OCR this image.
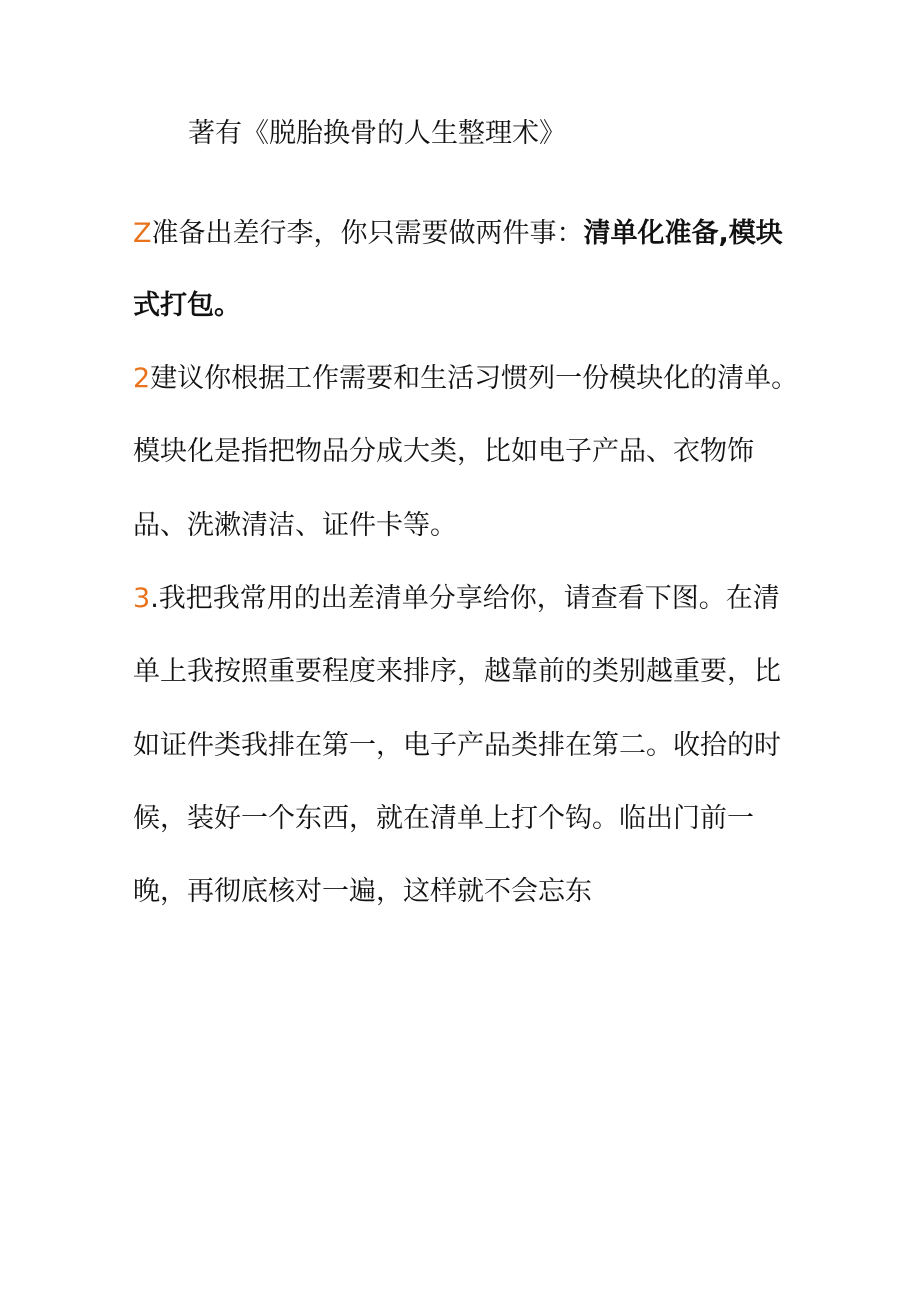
著有《脱胎换骨的人生整理术》
Z准备出差行李，你只需要做两件事：清单化准备,模块
式打包。
2建议你根据工作需要和生活习惯列一份模块化的清单。
模块化是指把物品分成大类，比如电子产品、衣物饰
品、洗漱清洁、证件卡等。
3.我把我常用的出差清单分享给你，请查看下图。在清
单上我按照重要程度来排序，越靠前的类别越重要，比
如证件类我排在第一，电子产品类排在第二。收拾的时
候，装好一个东西，就在清单上打个钩。临出门前一
晚，再彻底核对一遍，这样就不会忘东
